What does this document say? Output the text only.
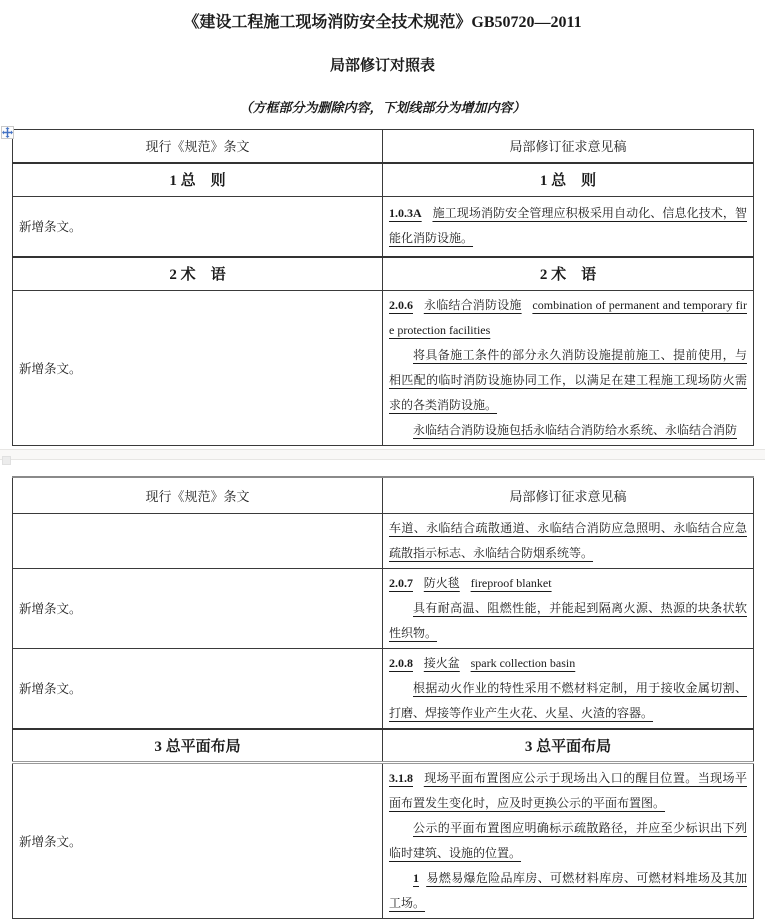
《建设工程施工现场消防安全技术规范》GB50720—2011
局部修订对照表

（方框部分为删除内容，下划线部分为增加内容）

现行《规范》条文	局部修订征求意见稿
1 总　则	1 总　则
新增条文。	1.0.3A 施工现场消防安全管理应积极采用自动化、信息化技术，智能化消防设施。

2 术　语	2 术　语
新增条文。	2.0.6 永临结合消防设施 combination of permanent and temporary fire protection facilities

将具备施工条件的部分永久消防设施提前施工、提前使用，与相匹配的临时消防设施协同工作，以满足在建工程施工现场防火需求的各类消防设施。

永临结合消防设施包括永临结合消防给水系统、永临结合消防

现行《规范》条文	局部修订征求意见稿

	车道、永临结合疏散通道、永临结合消防应急照明、永临结合应急疏散指示标志、永临结合防烟系统等。

新增条文。	2.0.7 防火毯 fireproof blanket

具有耐高温、阻燃性能，并能起到隔离火源、热源的块条状软性织物。

新增条文。	2.0.8 接火盆 spark collection basin

根据动火作业的特性采用不燃材料定制，用于接收金属切割、打磨、焊接等作业产生火花、火星、火渣的容器。

3 总平面布局	3 总平面布局
新增条文。	3.1.8 现场平面布置图应公示于现场出入口的醒目位置。当现场平面布置发生变化时，应及时更换公示的平面布置图。

公示的平面布置图应明确标示疏散路径，并应至少标识出下列临时建筑、设施的位置。

1 易燃易爆危险品库房、可燃材料库房、可燃材料堆场及其加工场。
